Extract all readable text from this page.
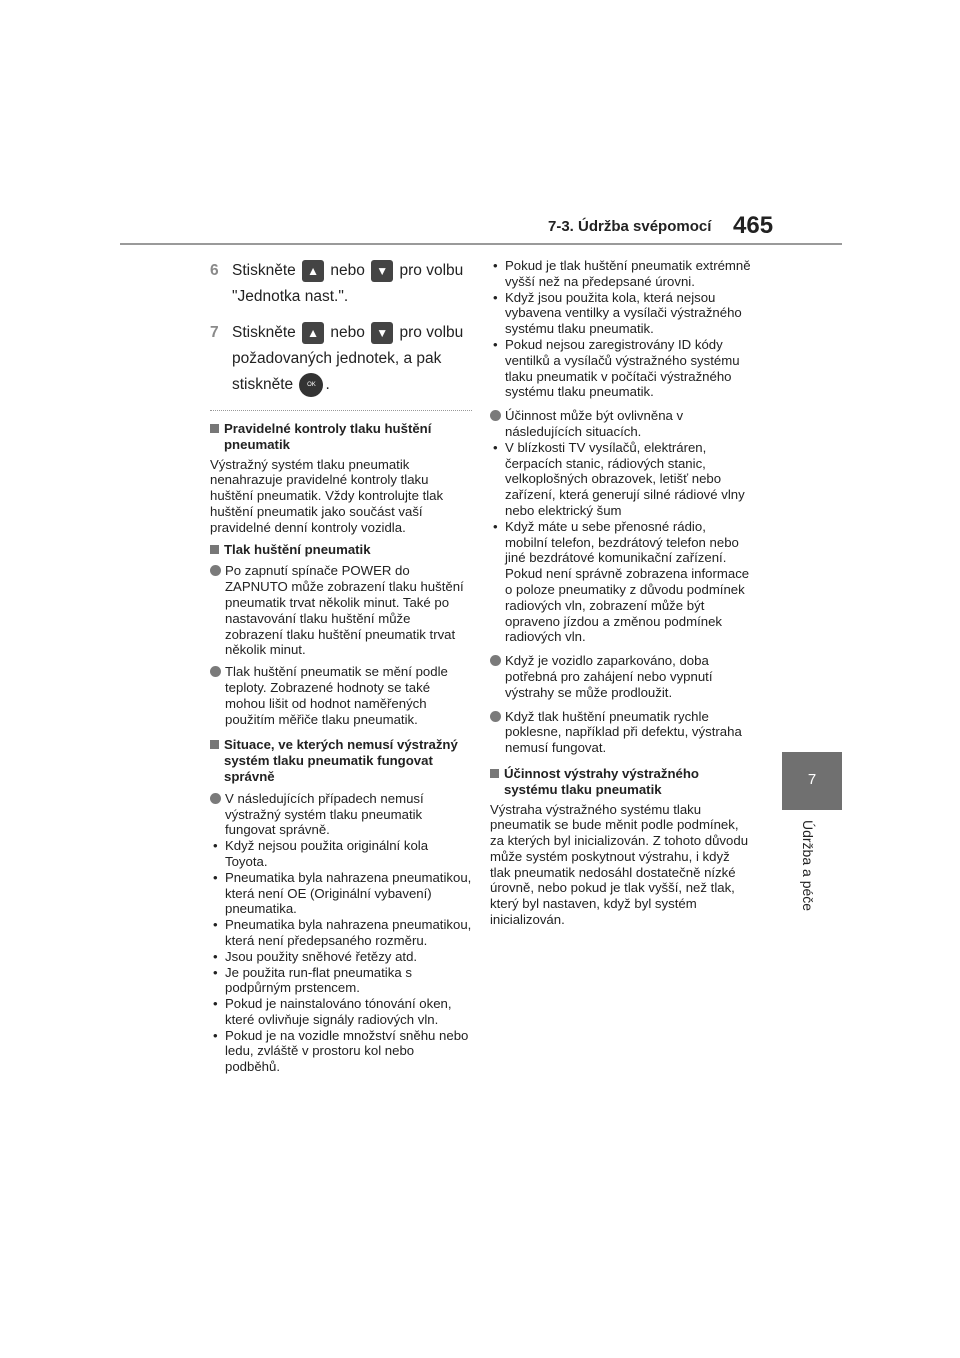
7-3. Údržba svépomocí 465
7
Údržba a péče
6 Stiskněte ▲ nebo ▼ pro volbu "Jednotka nast.".
7 Stiskněte ▲ nebo ▼ pro volbu požadovaných jednotek, a pak stiskněte OK .
Pravidelné kontroly tlaku huštění pneumatik
Výstražný systém tlaku pneumatik nenahrazuje pravidelné kontroly tlaku huštění pneumatik. Vždy kontrolujte tlak huštění pneumatik jako součást vaší pravidelné denní kontroly vozidla.
Tlak huštění pneumatik
Po zapnutí spínače POWER do ZAPNUTO může zobrazení tlaku huštění pneumatik trvat několik minut. Také po nastavování tlaku huštění může zobrazení tlaku huštění pneumatik trvat několik minut.
Tlak huštění pneumatik se mění podle teploty. Zobrazené hodnoty se také mohou lišit od hodnot naměřených použitím měřiče tlaku pneumatik.
Situace, ve kterých nemusí výstražný systém tlaku pneumatik fungovat správně
V následujících případech nemusí výstražný systém tlaku pneumatik fungovat správně.
• Když nejsou použita originální kola Toyota.
• Pneumatika byla nahrazena pneumatikou, která není OE (Originální vybavení) pneumatika.
• Pneumatika byla nahrazena pneumatikou, která není předepsaného rozměru.
• Jsou použity sněhové řetězy atd.
• Je použita run-flat pneumatika s podpůrným prstencem.
• Pokud je nainstalováno tónování oken, které ovlivňuje signály radiových vln.
• Pokud je na vozidle množství sněhu nebo ledu, zvláště v prostoru kol nebo podběhů.
• Pokud je tlak huštění pneumatik extrémně vyšší než na předepsané úrovni.
• Když jsou použita kola, která nejsou vybavena ventilky a vysílači výstražného systému tlaku pneumatik.
• Pokud nejsou zaregistrovány ID kódy ventilků a vysílačů výstražného systému tlaku pneumatik v počítači výstražného systému tlaku pneumatik.
Účinnost může být ovlivněna v následujících situacích.
• V blízkosti TV vysílačů, elektráren, čerpacích stanic, rádiových stanic, velkoplošných obrazovek, letišť nebo zařízení, která generují silné rádiové vlny nebo elektrický šum
• Když máte u sebe přenosné rádio, mobilní telefon, bezdrátový telefon nebo jiné bezdrátové komunikační zařízení.
Pokud není správně zobrazena informace o poloze pneumatiky z důvodu podmínek radiových vln, zobrazení může být opraveno jízdou a změnou podmínek radiových vln.
Když je vozidlo zaparkováno, doba potřebná pro zahájení nebo vypnutí výstrahy se může prodloužit.
Když tlak huštění pneumatik rychle poklesne, například při defektu, výstraha nemusí fungovat.
Účinnost výstrahy výstražného systému tlaku pneumatik
Výstraha výstražného systému tlaku pneumatik se bude měnit podle podmínek, za kterých byl inicializován. Z tohoto důvodu může systém poskytnout výstrahu, i když tlak pneumatik nedosáhl dostatečně nízké úrovně, nebo pokud je tlak vyšší, než tlak, který byl nastaven, když byl systém inicializován.
